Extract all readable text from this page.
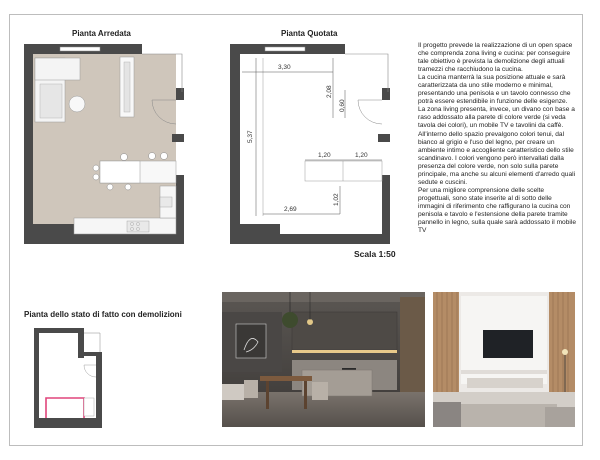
Pianta Arredata	Pianta Quotata
Pianta dello stato di fatto con demolizioni
Scala 1:50
3,30
5,37
2,08
0,60
1,20	1,20
2,69
1,02

Il progetto prevede la realizzazione di un open space che comprenda zona living e cucina: per conseguire tale obiettivo è prevista la demolizione degli attuali tramezzi che racchiudono la cucina.

La cucina manterrà la sua posizione attuale e sarà caratterizzata da uno stile moderno e minimal, presentando una penisola e un tavolo connesso che potrà essere estendibile in funzione delle esigenze.

La zona living presenta, invece, un divano con base a raso addossato alla parete di colore verde (si veda tavola dei colori), un mobile TV e tavolini da caffè.

All'interno dello spazio prevalgono colori tenui, dal bianco al grigio e l'uso del legno, per creare un ambiente intimo e accogliente caratteristico dello stile scandinavo. I colori vengono però intervallati dalla presenza del colore verde, non solo sulla parete principale, ma anche su alcuni elementi d'arredo quali sedute e cuscini.

Per una migliore comprensione delle scelte progettuali, sono state inserite al di sotto delle immagini di riferimento che raffigurano la cucina con penisola e tavolo e l'estensione della parete tramite pannello in legno, sulla quale sarà addossato il mobile TV
